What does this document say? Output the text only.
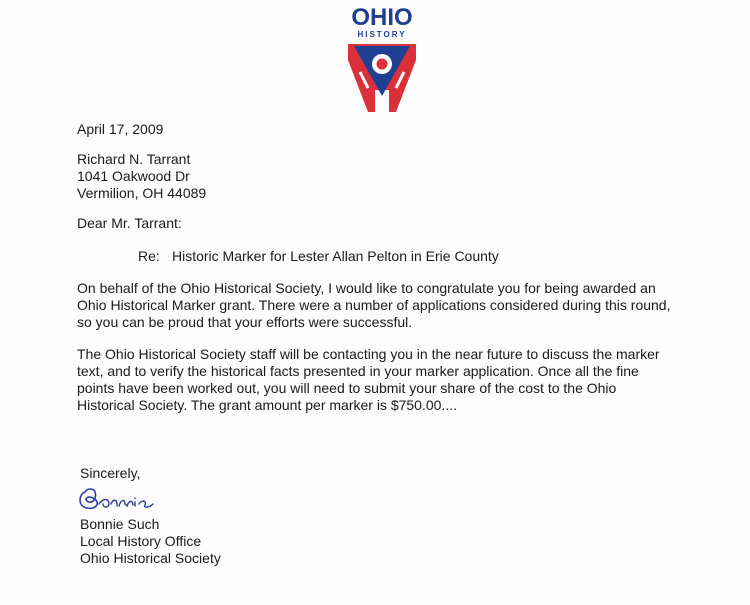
OHIO
HISTORY
April 17, 2009
Richard N. Tarrant
1041 Oakwood Dr
Vermilion, OH 44089
Dear Mr. Tarrant:
Re: Historic Marker for Lester Allan Pelton in Erie County
On behalf of the Ohio Historical Society, I would like to congratulate you for being awarded an
Ohio Historical Marker grant. There were a number of applications considered during this round,
so you can be proud that your efforts were successful.
The Ohio Historical Society staff will be contacting you in the near future to discuss the marker
text, and to verify the historical facts presented in your marker application. Once all the fine
points have been worked out, you will need to submit your share of the cost to the Ohio
Historical Society. The grant amount per marker is $750.00....
Sincerely,
Bonnie Such
Local History Office
Ohio Historical Society
